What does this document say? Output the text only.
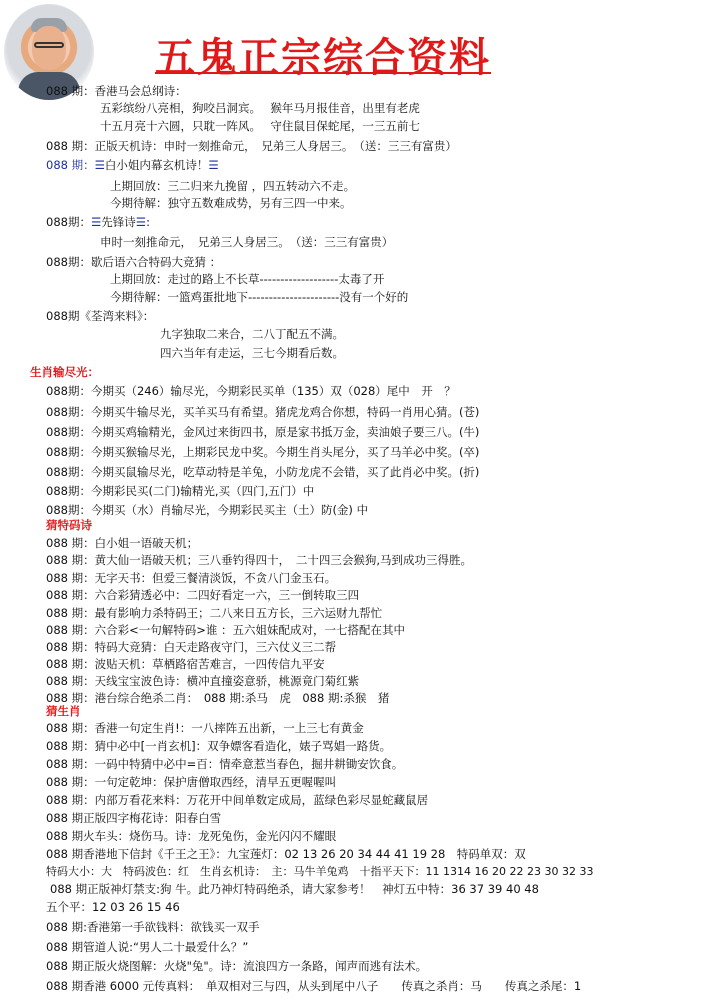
五鬼正宗综合资料
088 期：香港马会总纲诗：
五彩缤纷八亮相，狗咬吕洞宾。　 猴年马月报佳音，出里有老虎
十五月亮十六圆，只耽一阵风。　 守住鼠目保蛇尾，一三五前七
088 期：正版天机诗：申时一刻推命元，　兄弟三人身居三。　（送：三三有富贵）
088 期：☰白小姐内幕玄机诗！☰
上期回放：三二归来九挽留 ，四五转动六不走。
今期待解：独守五数难成势，另有三四一中来。
088期：☰先锋诗☰:
申时一刻推命元，　兄弟三人身居三。　（送：三三有富贵）
088期：歇后语六合特码大竞猜 ：
上期回放：走过的路上不长草-------------------太毒了开
今期待解：一篮鸡蛋批地下----------------------没有一个好的
088期《荃湾来料》：
九字独取二来合，二八丁配五不满。
四六当年有走运，三七今期看后数。
生肖输尽光：
088期：今期买（246）输尽光，今期彩民买单（135）双（028）尾中　开　？
088期：今期买牛输尽光，买羊买马有希望。猪虎龙鸡合你想，特码一肖用心猜。(苍)
088期：今期买鸡输精光，金风过来街四书，原是家书抵万金，卖油娘子要三八。(牛)
088期：今期买猴输尽光，上期彩民龙中奖。今期生肖头尾分，买了马羊必中奖。(卒)
088期：今期买鼠输尽光，吃草动特是羊兔，小防龙虎不会错，买了此肖必中奖。(折)
088期：今期彩民买(二门)输精光,买（四门,五门）中
088期：今期买（水）肖输尽光，今期彩民买主（土）防(金) 中
猜特码诗
088 期：白小姐一语破天机；
088 期：黄大仙一语破天机；三八垂钓得四十，　二十四三会猴狗,马到成功三得胜。
088 期：无字天书：但爱三餐清淡饭，不贪八门金玉石。
088 期：六合彩猜透必中：二四好看定一六，三一倒转取三四
088 期：最有影响力杀特码王；二八来日五方长，三六运财九帮忙
088 期：六合彩<一句解特码>谁 ：五六姐妹配成对，一七搭配在其中
088 期：特码大竞猜：白天走路夜守门，三六仗义三二帮
088 期：波贴天机：草栖路宿苦难言，一四传信九平安
088 期：天线宝宝波色诗：横冲直撞姿意骄，桃源竟门菊红紫
088 期：港台综合绝杀二肖：　088 期:杀马　虎　088 期:杀猴　猪
猜生肖
088 期：香港一句定生肖!：一八摔阵五出新，一上三七有黄金
088 期：猜中必中[一肖玄机]：双争嫖客看造化，婊子骂娼一路货。
088 期：一码中特猜中必中=百：情牵意惹当春色，掘井耕锄安饮食。
088 期：一句定乾坤：保护唐僧取西经，清早五更喔喔叫
088 期：内部万看花来料：万花开中间单数定成局，蓝绿色彩尽显蛇藏鼠居
088 期正版四字梅花诗：阳春白雪
088 期火车头：烧伤马。诗：龙死兔伤，金光闪闪不耀眼
088 期香港地下信封《千王之王》：九宝莲灯：02 13 26 20 34 44 41 19 28　特码单双：双
特码大小：大　特码波色：红　生肖玄机诗：　主：马牛羊兔鸡　十指平天下：11 1314 16 20 22 23 30 32 33
088 期正版神灯禁支:狗 牛。此乃神灯特码绝杀，请大家参考！　神灯五中特：36 37 39 40 48
五个平：12 03 26 15 46
088 期:香港第一手欲钱料：欲钱买一双手
088 期管道人说:“男人二十最爱什么？”
088 期正版火烧图解：火烧"兔"。诗：流浪四方一条路，闻声而逃有法术。
088 期香港 6000 元传真料：　单双相对三与四，从头到尾中八子　　传真之杀肖：马　　传真之杀尾：1
